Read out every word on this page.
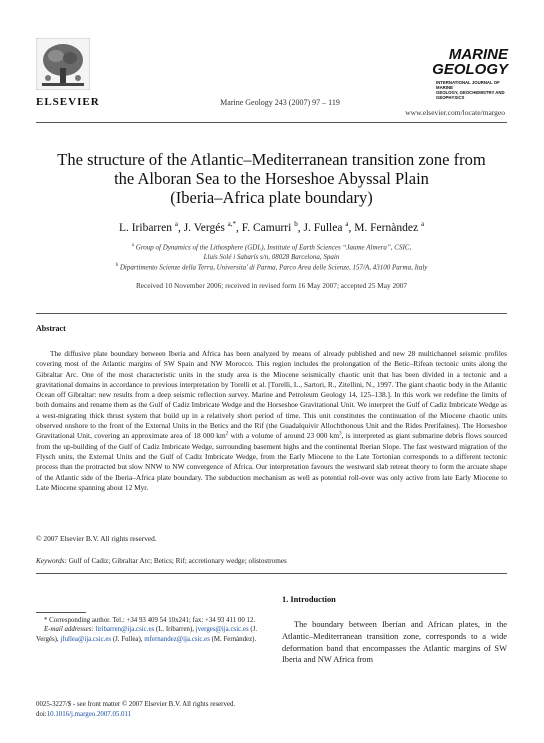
ELSEVIER	Marine Geology 243 (2007) 97 – 119
MARINE
GEOLOGY
INTERNATIONAL JOURNAL OF MARINE
GEOLOGY, GEOCHEMISTRY AND GEOPHYSICS
www.elsevier.com/locate/margeo
The structure of the Atlantic–Mediterranean transition zone from
the Alboran Sea to the Horseshoe Abyssal Plain
(Iberia–Africa plate boundary)
L. Iribarren $^a$, J. Vergés $^{a,*}$, F. Camurri $^b$, J. Fullea $^a$, M. Fernàndez $^a$
$^a$ Group of Dynamics of the Lithosphere (GDL), Institute of Earth Sciences “Jaume Almera”, CSIC,
Lluís Solé i Sabarís s/n, 08028 Barcelona, Spain
$^b$ Dipartimento Scienze della Terra, Universita' di Parma, Parco Area delle Scienze, 157/A, 43100 Parma, Italy
Received 10 November 2006; received in revised form 16 May 2007; accepted 25 May 2007
Abstract
The diffusive plate boundary between Iberia and Africa has been analyzed by means of already published and new 28 multichannel seismic profiles covering most of the Atlantic margins of SW Spain and NW Morocco. This region includes the prolongation of the Betic–Rifean tectonic units along the Gibraltar Arc. One of the most characteristic units in the study area is the Miocene seismically chaotic unit that has been divided in a tectonic and a gravitational domains in accordance to previous interpretation by Torelli et al. [Torelli, L., Sartori, R., Zitellini, N., 1997. The giant chaotic body in the Atlantic Ocean off Gibraltar: new results from a deep seismic reflection survey. Marine and Petroleum Geology 14, 125–138.]. In this work we redefine the limits of both domains and rename them as the Gulf of Cadiz Imbricate Wedge and the Horseshoe Gravitational Unit. We interpret the Gulf of Cadiz Imbricate Wedge as a west-migrating thick thrust system that build up in a relatively short period of time. This unit constitutes the continuation of the Miocene chaotic units observed onshore to the front of the External Units in the Betics and the Rif (the Guadalquivir Allochthonous Unit and the Rides Prerifaines). The Horseshoe Gravitational Unit, covering an approximate area of 18 000 $km^2$ with a volume of around 23 000 $km^3$, is interpreted as giant submarine debris flows sourced from the up-building of the Gulf of Cadiz Imbricate Wedge, surrounding basement highs and the continental Iberian Slope. The fast westward migration of the Flysch units, the External Units and the Gulf of Cadiz Imbricate Wedge, from the Early Miocene to the Late Tortonian corresponds to a different tectonic process than the protracted but slow NNW to NW convergence of Africa. Our interpretation favours the westward slab retreat theory to form the arcuate shape of the Atlantic side of the Iberia–Africa plate boundary. The subduction mechanism as well as potential roll-over was only active from late Early Miocene to Late Miocene spanning about 12 Myr.
© 2007 Elsevier B.V. All rights reserved.
Keywords: Gulf of Cadiz; Gibraltar Arc; Betics; Rif; accretionary wedge; olistostromes
* Corresponding author. Tel.: +34 93 409 54 10x241; fax: +34 93 411 00 12.
E-mail addresses: liribarren@ija.csic.es (L. Iribarren), jverges@ija.csic.es (J. Vergés), jfullea@ija.csic.es (J. Fullea), mfernandez@ija.csic.es (M. Fernàndez).
0025-3227/$ - see front matter © 2007 Elsevier B.V. All rights reserved.
doi:10.1016/j.margeo.2007.05.011
1. Introduction
The boundary between Iberian and African plates, in the Atlantic–Mediterranean transition zone, corresponds to a wide deformation band that encompasses the Atlantic margins of SW Iberia and NW Africa from
